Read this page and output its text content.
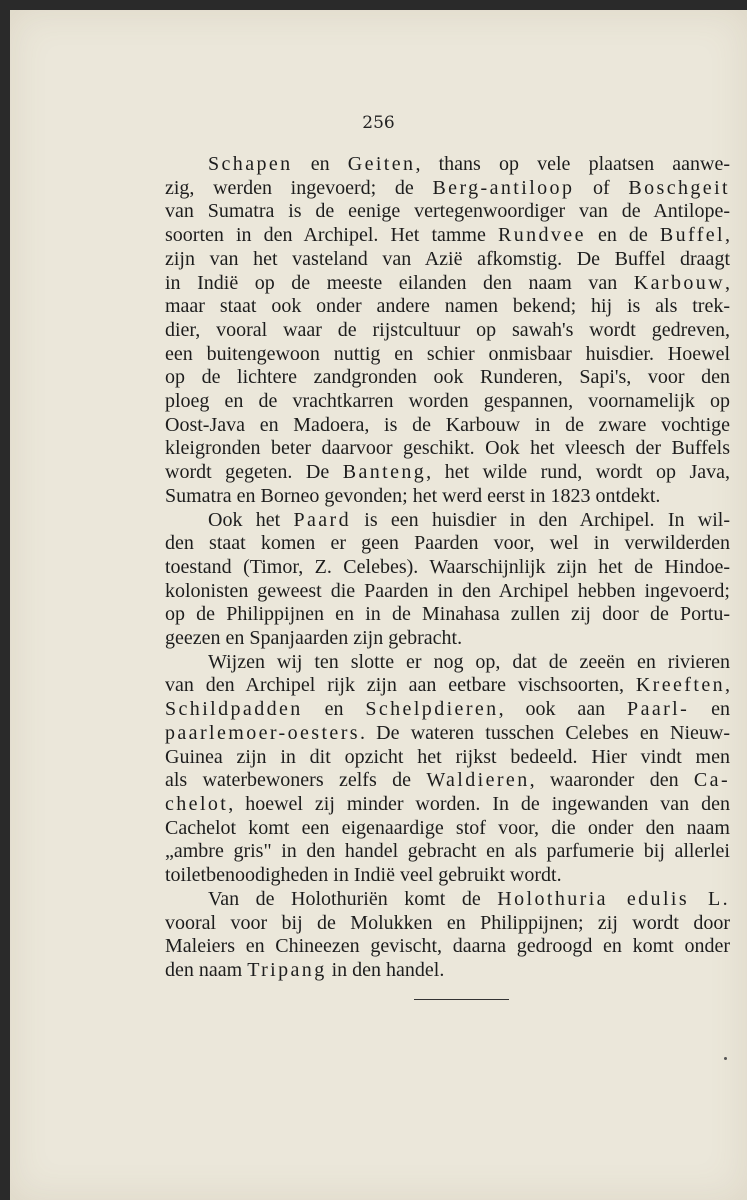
256
Schapen en Geiten, thans op vele plaatsen aanwe-
zig, werden ingevoerd; de Berg-antiloop of Boschgeit
van Sumatra is de eenige vertegenwoordiger van de Antilope-
soorten in den Archipel. Het tamme Rundvee en de Buffel,
zijn van het vasteland van Azië afkomstig. De Buffel draagt
in Indië op de meeste eilanden den naam van Karbouw,
maar staat ook onder andere namen bekend; hij is als trek-
dier, vooral waar de rijstcultuur op sawah's wordt gedreven,
een buitengewoon nuttig en schier onmisbaar huisdier. Hoewel
op de lichtere zandgronden ook Runderen, Sapi's, voor den
ploeg en de vrachtkarren worden gespannen, voornamelijk op
Oost-Java en Madoera, is de Karbouw in de zware vochtige
kleigronden beter daarvoor geschikt. Ook het vleesch der Buffels
wordt gegeten. De Banteng, het wilde rund, wordt op Java,
Sumatra en Borneo gevonden; het werd eerst in 1823 ontdekt.
Ook het Paard is een huisdier in den Archipel. In wil-
den staat komen er geen Paarden voor, wel in verwilderden
toestand (Timor, Z. Celebes). Waarschijnlijk zijn het de Hindoe-
kolonisten geweest die Paarden in den Archipel hebben ingevoerd;
op de Philippijnen en in de Minahasa zullen zij door de Portu-
geezen en Spanjaarden zijn gebracht.
Wijzen wij ten slotte er nog op, dat de zeeën en rivieren
van den Archipel rijk zijn aan eetbare vischsoorten, Kreeften,
Schildpadden en Schelpdieren, ook aan Paarl- en
paarlemoer-oesters. De wateren tusschen Celebes en Nieuw-
Guinea zijn in dit opzicht het rijkst bedeeld. Hier vindt men
als waterbewoners zelfs de Waldieren, waaronder den Ca-
chelot, hoewel zij minder worden. In de ingewanden van den
Cachelot komt een eigenaardige stof voor, die onder den naam
„ambre gris" in den handel gebracht en als parfumerie bij allerlei
toiletbenoodigheden in Indië veel gebruikt wordt.
Van de Holothuriën komt de Holothuria edulis L.
vooral voor bij de Molukken en Philippijnen; zij wordt door
Maleiers en Chineezen gevischt, daarna gedroogd en komt onder
den naam Tripang in den handel.
